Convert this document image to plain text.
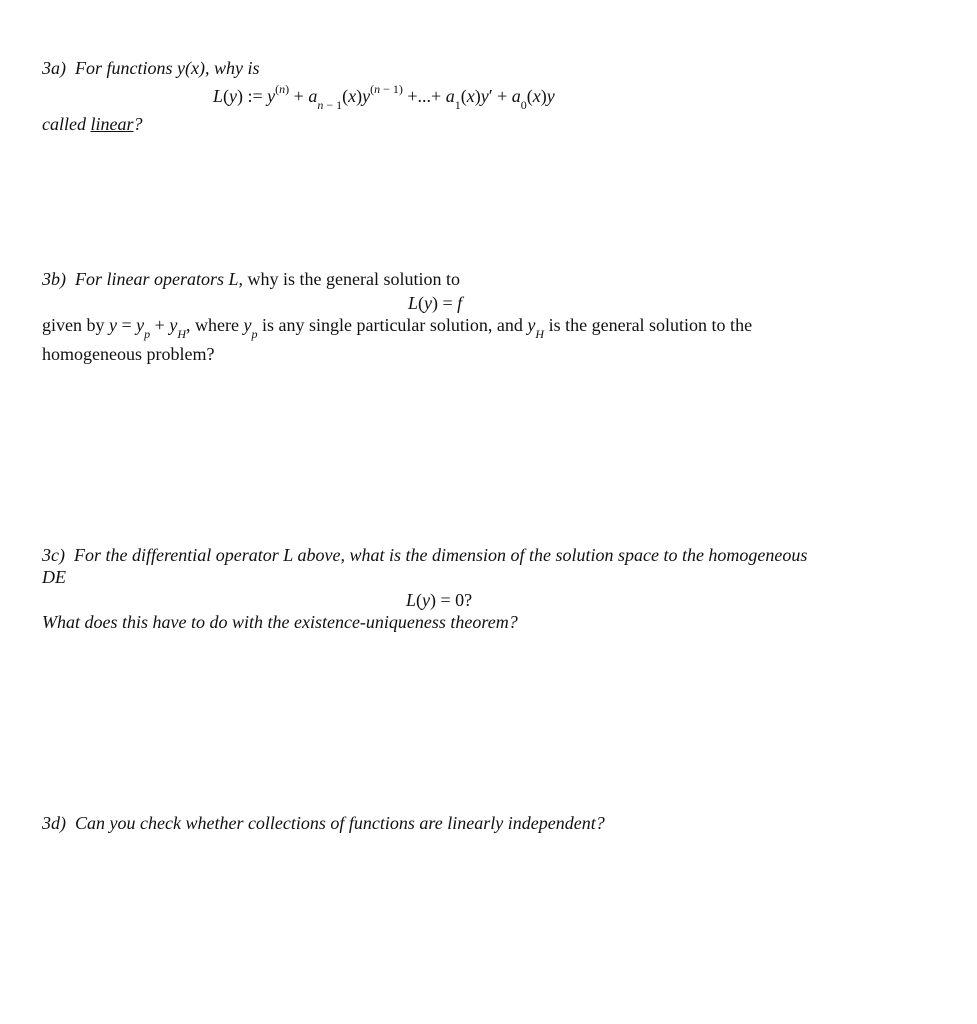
3a) For functions y(x), why is
L(y) := $y^{(n)} + a_{n - 1}(x)y^{(n - 1)}$ +...+ $a_1(x)y' + a_0(x)y$
called linear?
3b) For linear operators L, why is the general solution to
L(y) = f
given by $y = y_p + y_H$, where $y_p$ is any single particular solution, and $y_H$ is the general solution to the
homogeneous problem?
3c) For the differential operator L above, what is the dimension of the solution space to the homogeneous
DE
L(y) = 0?
What does this have to do with the existence-uniqueness theorem?
3d) Can you check whether collections of functions are linearly independent?
